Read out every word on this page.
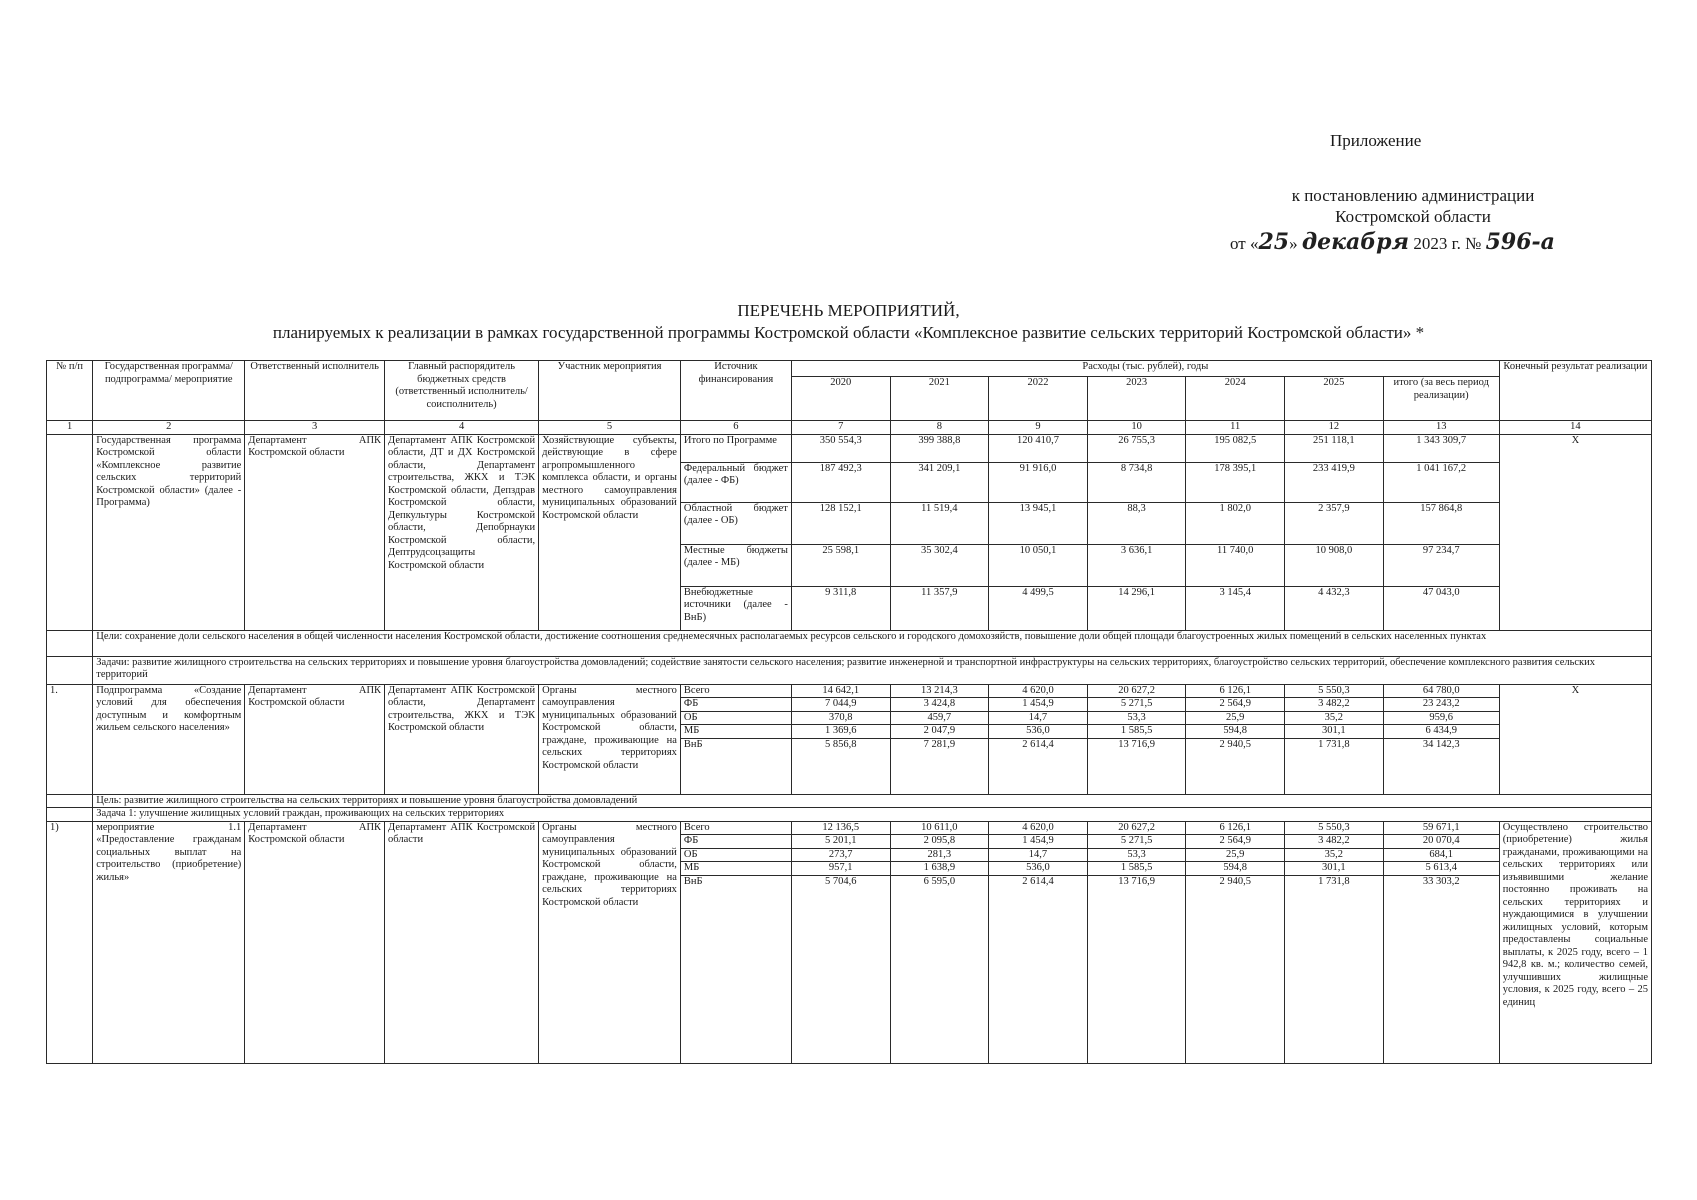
Приложение
к постановлению администрации
Костромской области
от «25» декабря 2023 г. № 596-а
ПЕРЕЧЕНЬ МЕРОПРИЯТИЙ,
планируемых к реализации в рамках государственной программы Костромской области «Комплексное развитие сельских территорий Костромской области» *
№ п/п	Государственная программа/подпрограмма/ мероприятие	Ответственный исполнитель	Главный распорядитель бюджетных средств (ответственный исполнитель/соисполнитель)	Участник мероприятия	Источник финансирования	Расходы (тыс. рублей), годы							Конечный результат реализации
						2020	2021	2022	2023	2024	2025	итого (за весь период реализации)	
1	2	3	4	5	6	7	8	9	10	11	12	13	14
	Государственная программа Костромской области «Комплексное развитие сельских территорий Костромской области» (далее - Программа)	Департамент АПК Костромской области	Департамент АПК Костромской области, ДТ и ДХ Костромской области, Департамент строительства, ЖКХ и ТЭК Костромской области, Депздрав Костромской области, Депкультуры Костромской области, Депобрнауки Костромской области, Дептрудсоцзащиты Костромской области	Хозяйствующие субъекты, действующие в сфере агропромышленного комплекса области, и органы местного самоуправления муниципальных образований Костромской области	Итого по Программе	350 554,3	399 388,8	120 410,7	26 755,3	195 082,5	251 118,1	1 343 309,7	Х
					Федеральный бюджет (далее - ФБ)	187 492,3	341 209,1	91 916,0	8 734,8	178 395,1	233 419,9	1 041 167,2	
					Областной бюджет (далее - ОБ)	128 152,1	11 519,4	13 945,1	88,3	1 802,0	2 357,9	157 864,8	
					Местные бюджеты (далее - МБ)	25 598,1	35 302,4	10 050,1	3 636,1	11 740,0	10 908,0	97 234,7	
					Внебюджетные источники (далее - ВнБ)	9 311,8	11 357,9	4 499,5	14 296,1	3 145,4	4 432,3	47 043,0	
	Цели: сохранение доли сельского населения в общей численности населения Костромской области, достижение соотношения среднемесячных располагаемых ресурсов сельского и городского домохозяйств, повышение доли общей площади благоустроенных жилых помещений в сельских населенных пунктах												
	Задачи: развитие жилищного строительства на сельских территориях и повышение уровня благоустройства домовладений; содействие занятости сельского населения; развитие инженерной и транспортной инфраструктуры на сельских территориях, благоустройство сельских территорий, обеспечение комплексного развития сельских территорий												
1.	Подпрограмма «Создание условий для обеспечения доступным и комфортным жильем сельского населения»	Департамент АПК Костромской области	Департамент АПК Костромской области, Департамент строительства, ЖКХ и ТЭК Костромской области	Органы местного самоуправления муниципальных образований Костромской области, граждане, проживающие на сельских территориях Костромской области	Всего	14 642,1	13 214,3	4 620,0	20 627,2	6 126,1	5 550,3	64 780,0	Х
					ФБ	7 044,9	3 424,8	1 454,9	5 271,5	2 564,9	3 482,2	23 243,2	
					ОБ	370,8	459,7	14,7	53,3	25,9	35,2	959,6	
					МБ	1 369,6	2 047,9	536,0	1 585,5	594,8	301,1	6 434,9	
					ВнБ	5 856,8	7 281,9	2 614,4	13 716,9	2 940,5	1 731,8	34 142,3	
	Цель: развитие жилищного строительства на сельских территориях и повышение уровня благоустройства домовладений												
	Задача 1: улучшение жилищных условий граждан, проживающих на сельских территориях												
1)	мероприятие 1.1 «Предоставление гражданам социальных выплат на строительство (приобретение) жилья»	Департамент АПК Костромской области	Департамент АПК Костромской области	Органы местного самоуправления муниципальных образований Костромской области, граждане, проживающие на сельских территориях Костромской области	Всего	12 136,5	10 611,0	4 620,0	20 627,2	6 126,1	5 550,3	59 671,1	Осуществлено строительство (приобретение) жилья гражданами, проживающими на сельских территориях или изъявившими желание постоянно проживать на сельских территориях и нуждающимися в улучшении жилищных условий, которым предоставлены социальные выплаты, к 2025 году, всего – 1 942,8 кв. м.; количество семей, улучшивших жилищные условия, к 2025 году, всего – 25 единиц
					ФБ	5 201,1	2 095,8	1 454,9	5 271,5	2 564,9	3 482,2	20 070,4	
					ОБ	273,7	281,3	14,7	53,3	25,9	35,2	684,1	
					МБ	957,1	1 638,9	536,0	1 585,5	594,8	301,1	5 613,4	
					ВнБ	5 704,6	6 595,0	2 614,4	13 716,9	2 940,5	1 731,8	33 303,2	
